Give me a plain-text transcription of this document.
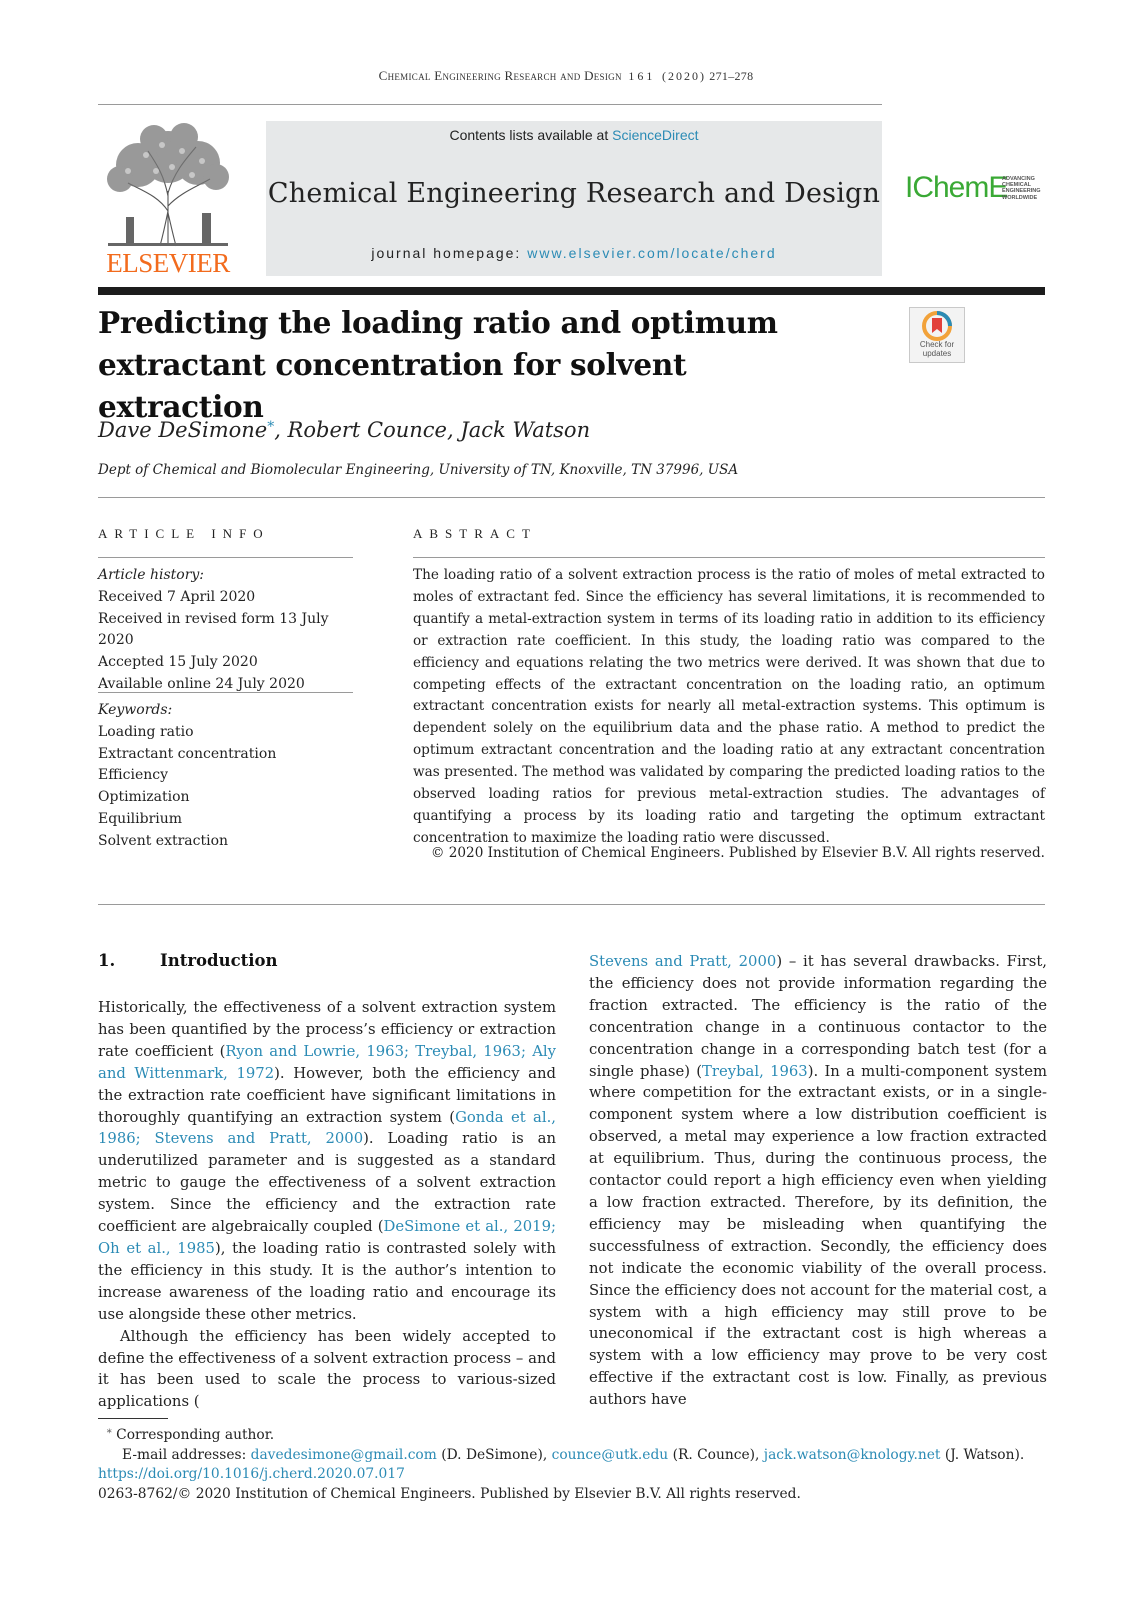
Chemical Engineering Research and Design 161 (2020) 271–278
ELSEVIER
Contents lists available at ScienceDirect
Chemical Engineering Research and Design
journal homepage: www.elsevier.com/locate/cherd
IChemE
ADVANCING
CHEMICAL
ENGINEERING
WORLDWIDE
Predicting the loading ratio and optimum
extractant concentration for solvent extraction
Check for
updates
Dave DeSimone*, Robert Counce, Jack Watson
Dept of Chemical and Biomolecular Engineering, University of TN, Knoxville, TN 37996, USA
ARTICLE INFO
Article history:
Received 7 April 2020
Received in revised form 13 July 2020
Accepted 15 July 2020
Available online 24 July 2020
Keywords:
Loading ratio
Extractant concentration
Efficiency
Optimization
Equilibrium
Solvent extraction
ABSTRACT
The loading ratio of a solvent extraction process is the ratio of moles of metal extracted to moles of extractant fed. Since the efficiency has several limitations, it is recommended to quantify a metal-extraction system in terms of its loading ratio in addition to its efficiency or extraction rate coefficient. In this study, the loading ratio was compared to the efficiency and equations relating the two metrics were derived. It was shown that due to competing effects of the extractant concentration on the loading ratio, an optimum extractant concentration exists for nearly all metal-extraction systems. This optimum is dependent solely on the equilibrium data and the phase ratio. A method to predict the optimum extractant concentration and the loading ratio at any extractant concentration was presented. The method was validated by comparing the predicted loading ratios to the observed loading ratios for previous metal-extraction studies. The advantages of quantifying a process by its loading ratio and targeting the optimum extractant concentration to maximize the loading ratio were discussed.
© 2020 Institution of Chemical Engineers. Published by Elsevier B.V. All rights reserved.
1.	Introduction

Historically, the effectiveness of a solvent extraction system has been quantified by the process’s efficiency or extraction rate coefficient (Ryon and Lowrie, 1963; Treybal, 1963; Aly and Wittenmark, 1972). However, both the efficiency and the extraction rate coefficient have significant limitations in thoroughly quantifying an extraction system (Gonda et al., 1986; Stevens and Pratt, 2000). Loading ratio is an underutilized parameter and is suggested as a standard metric to gauge the effectiveness of a solvent extraction system. Since the efficiency and the extraction rate coefficient are algebraically coupled (DeSimone et al., 2019; Oh et al., 1985), the loading ratio is contrasted solely with the efficiency in this study. It is the author’s intention to increase awareness of the loading ratio and encourage its use alongside these other metrics.

Although the efficiency has been widely accepted to define the effectiveness of a solvent extraction process – and it has been used to scale the process to various-sized applications (

Stevens and Pratt, 2000) – it has several drawbacks. First, the efficiency does not provide information regarding the fraction extracted. The efficiency is the ratio of the concentration change in a continuous contactor to the concentration change in a corresponding batch test (for a single phase) (Treybal, 1963). In a multi-component system where competition for the extractant exists, or in a single-component system where a low distribution coefficient is observed, a metal may experience a low fraction extracted at equilibrium. Thus, during the continuous process, the contactor could report a high efficiency even when yielding a low fraction extracted. Therefore, by its definition, the efficiency may be misleading when quantifying the successfulness of extraction. Secondly, the efficiency does not indicate the economic viability of the overall process. Since the efficiency does not account for the material cost, a system with a high efficiency may still prove to be uneconomical if the extractant cost is high whereas a system with a low efficiency may prove to be very cost effective if the extractant cost is low. Finally, as previous authors have

* Corresponding author.
E-mail addresses: davedesimone@gmail.com (D. DeSimone), counce@utk.edu (R. Counce), jack.watson@knology.net (J. Watson).
https://doi.org/10.1016/j.cherd.2020.07.017
0263-8762/© 2020 Institution of Chemical Engineers. Published by Elsevier B.V. All rights reserved.
